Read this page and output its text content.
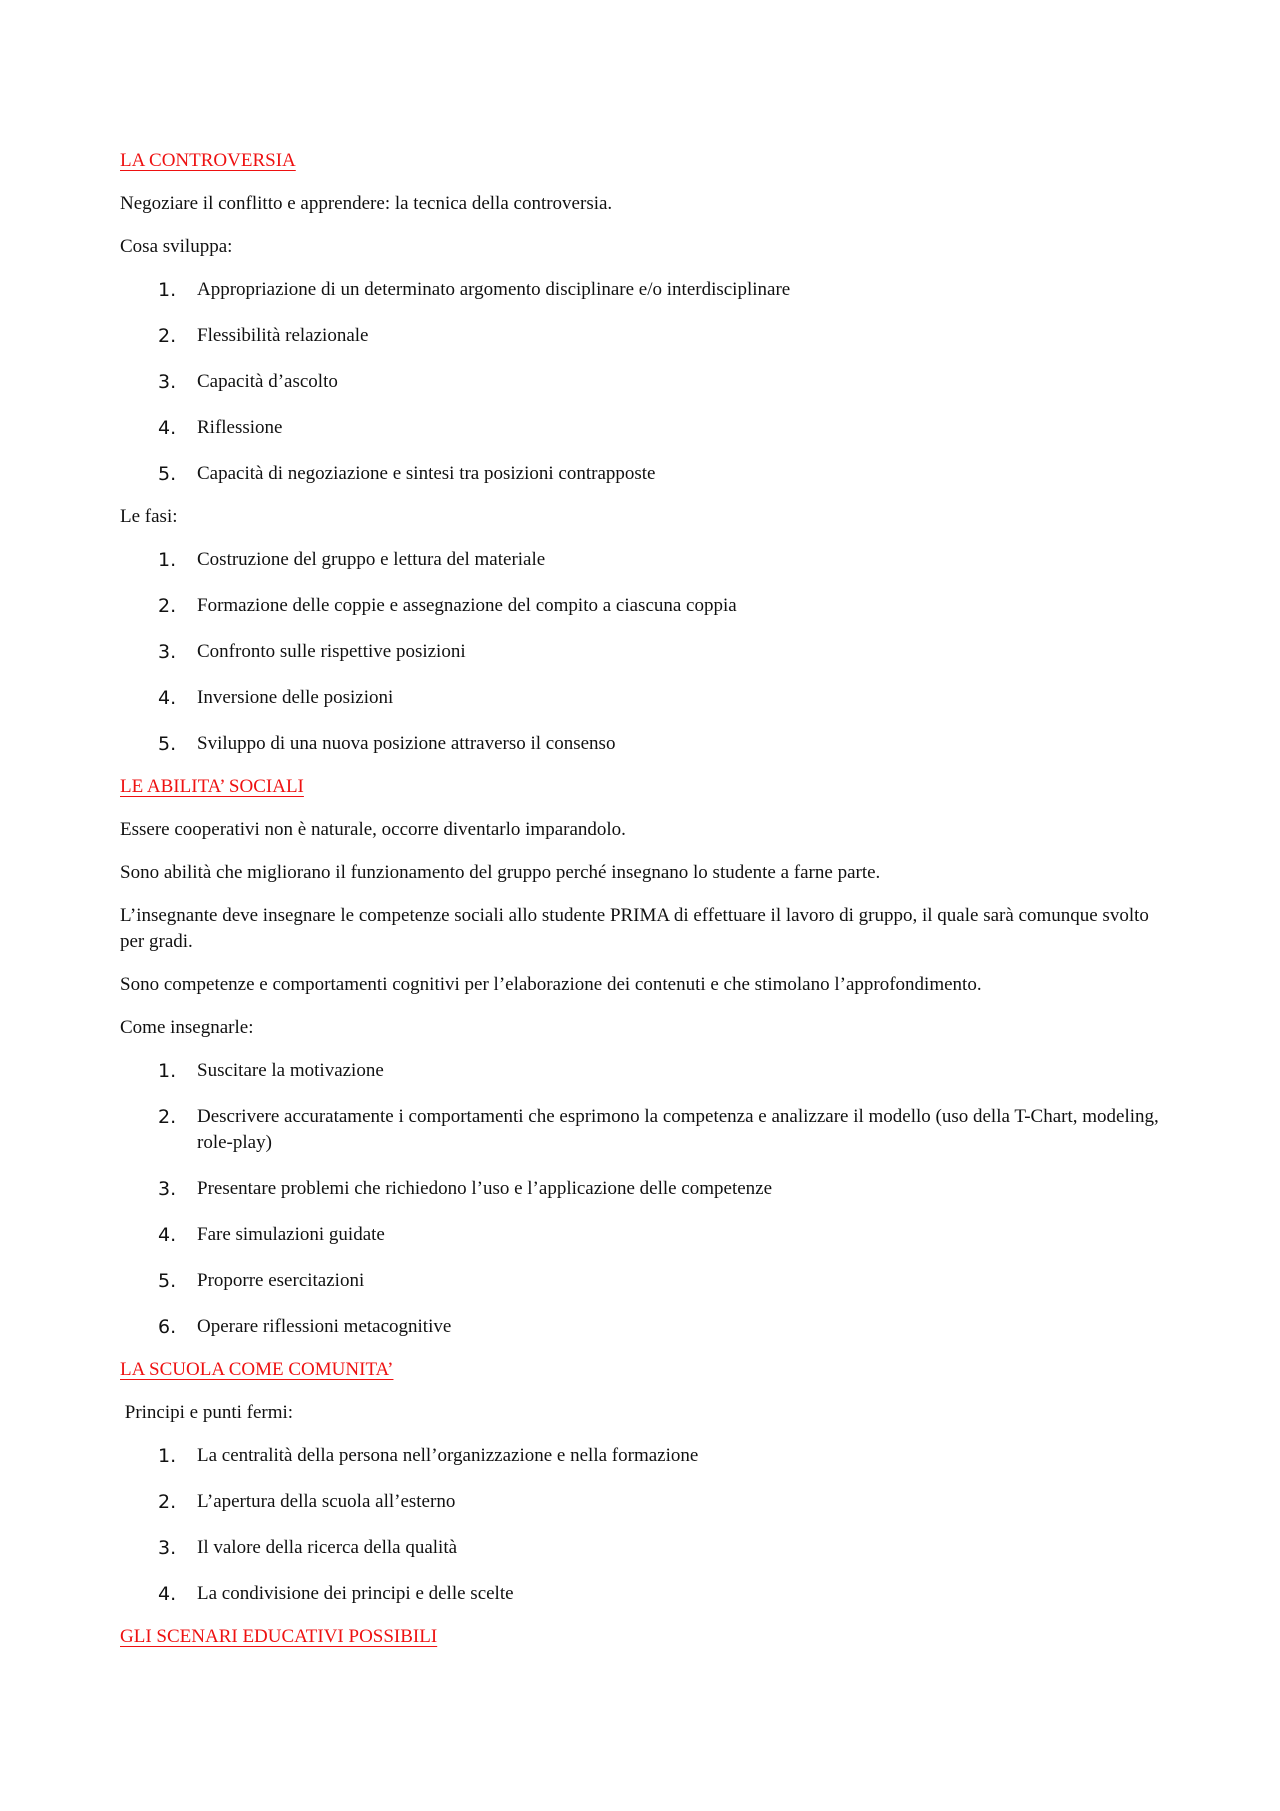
LA CONTROVERSIA

Negoziare il conflitto e apprendere: la tecnica della controversia.

Cosa sviluppa:

1.	Appropriazione di un determinato argomento disciplinare e/o interdisciplinare
2.	Flessibilità relazionale
3.	Capacità d’ascolto
4.	Riflessione
5.	Capacità di negoziazione e sintesi tra posizioni contrapposte

Le fasi:

1.	Costruzione del gruppo e lettura del materiale
2.	Formazione delle coppie e assegnazione del compito a ciascuna coppia
3.	Confronto sulle rispettive posizioni
4.	Inversione delle posizioni
5.	Sviluppo di una nuova posizione attraverso il consenso
LE ABILITA’ SOCIALI

Essere cooperativi non è naturale, occorre diventarlo imparandolo.

Sono abilità che migliorano il funzionamento del gruppo perché insegnano lo studente a farne parte.

L’insegnante deve insegnare le competenze sociali allo studente PRIMA di effettuare il lavoro di gruppo, il quale sarà comunque svolto per gradi.

Sono competenze e comportamenti cognitivi per l’elaborazione dei contenuti e che stimolano l’approfondimento.

Come insegnarle:

1.	Suscitare la motivazione
2.	Descrivere accuratamente i comportamenti che esprimono la competenza e analizzare il modello (uso della T-Chart, modeling, role-play)
3.	Presentare problemi che richiedono l’uso e l’applicazione delle competenze
4.	Fare simulazioni guidate
5.	Proporre esercitazioni
6.	Operare riflessioni metacognitive
LA SCUOLA COME COMUNITA’

Principi e punti fermi:

1.	La centralità della persona nell’organizzazione e nella formazione
2.	L’apertura della scuola all’esterno
3.	Il valore della ricerca della qualità
4.	La condivisione dei principi e delle scelte
GLI SCENARI EDUCATIVI POSSIBILI
